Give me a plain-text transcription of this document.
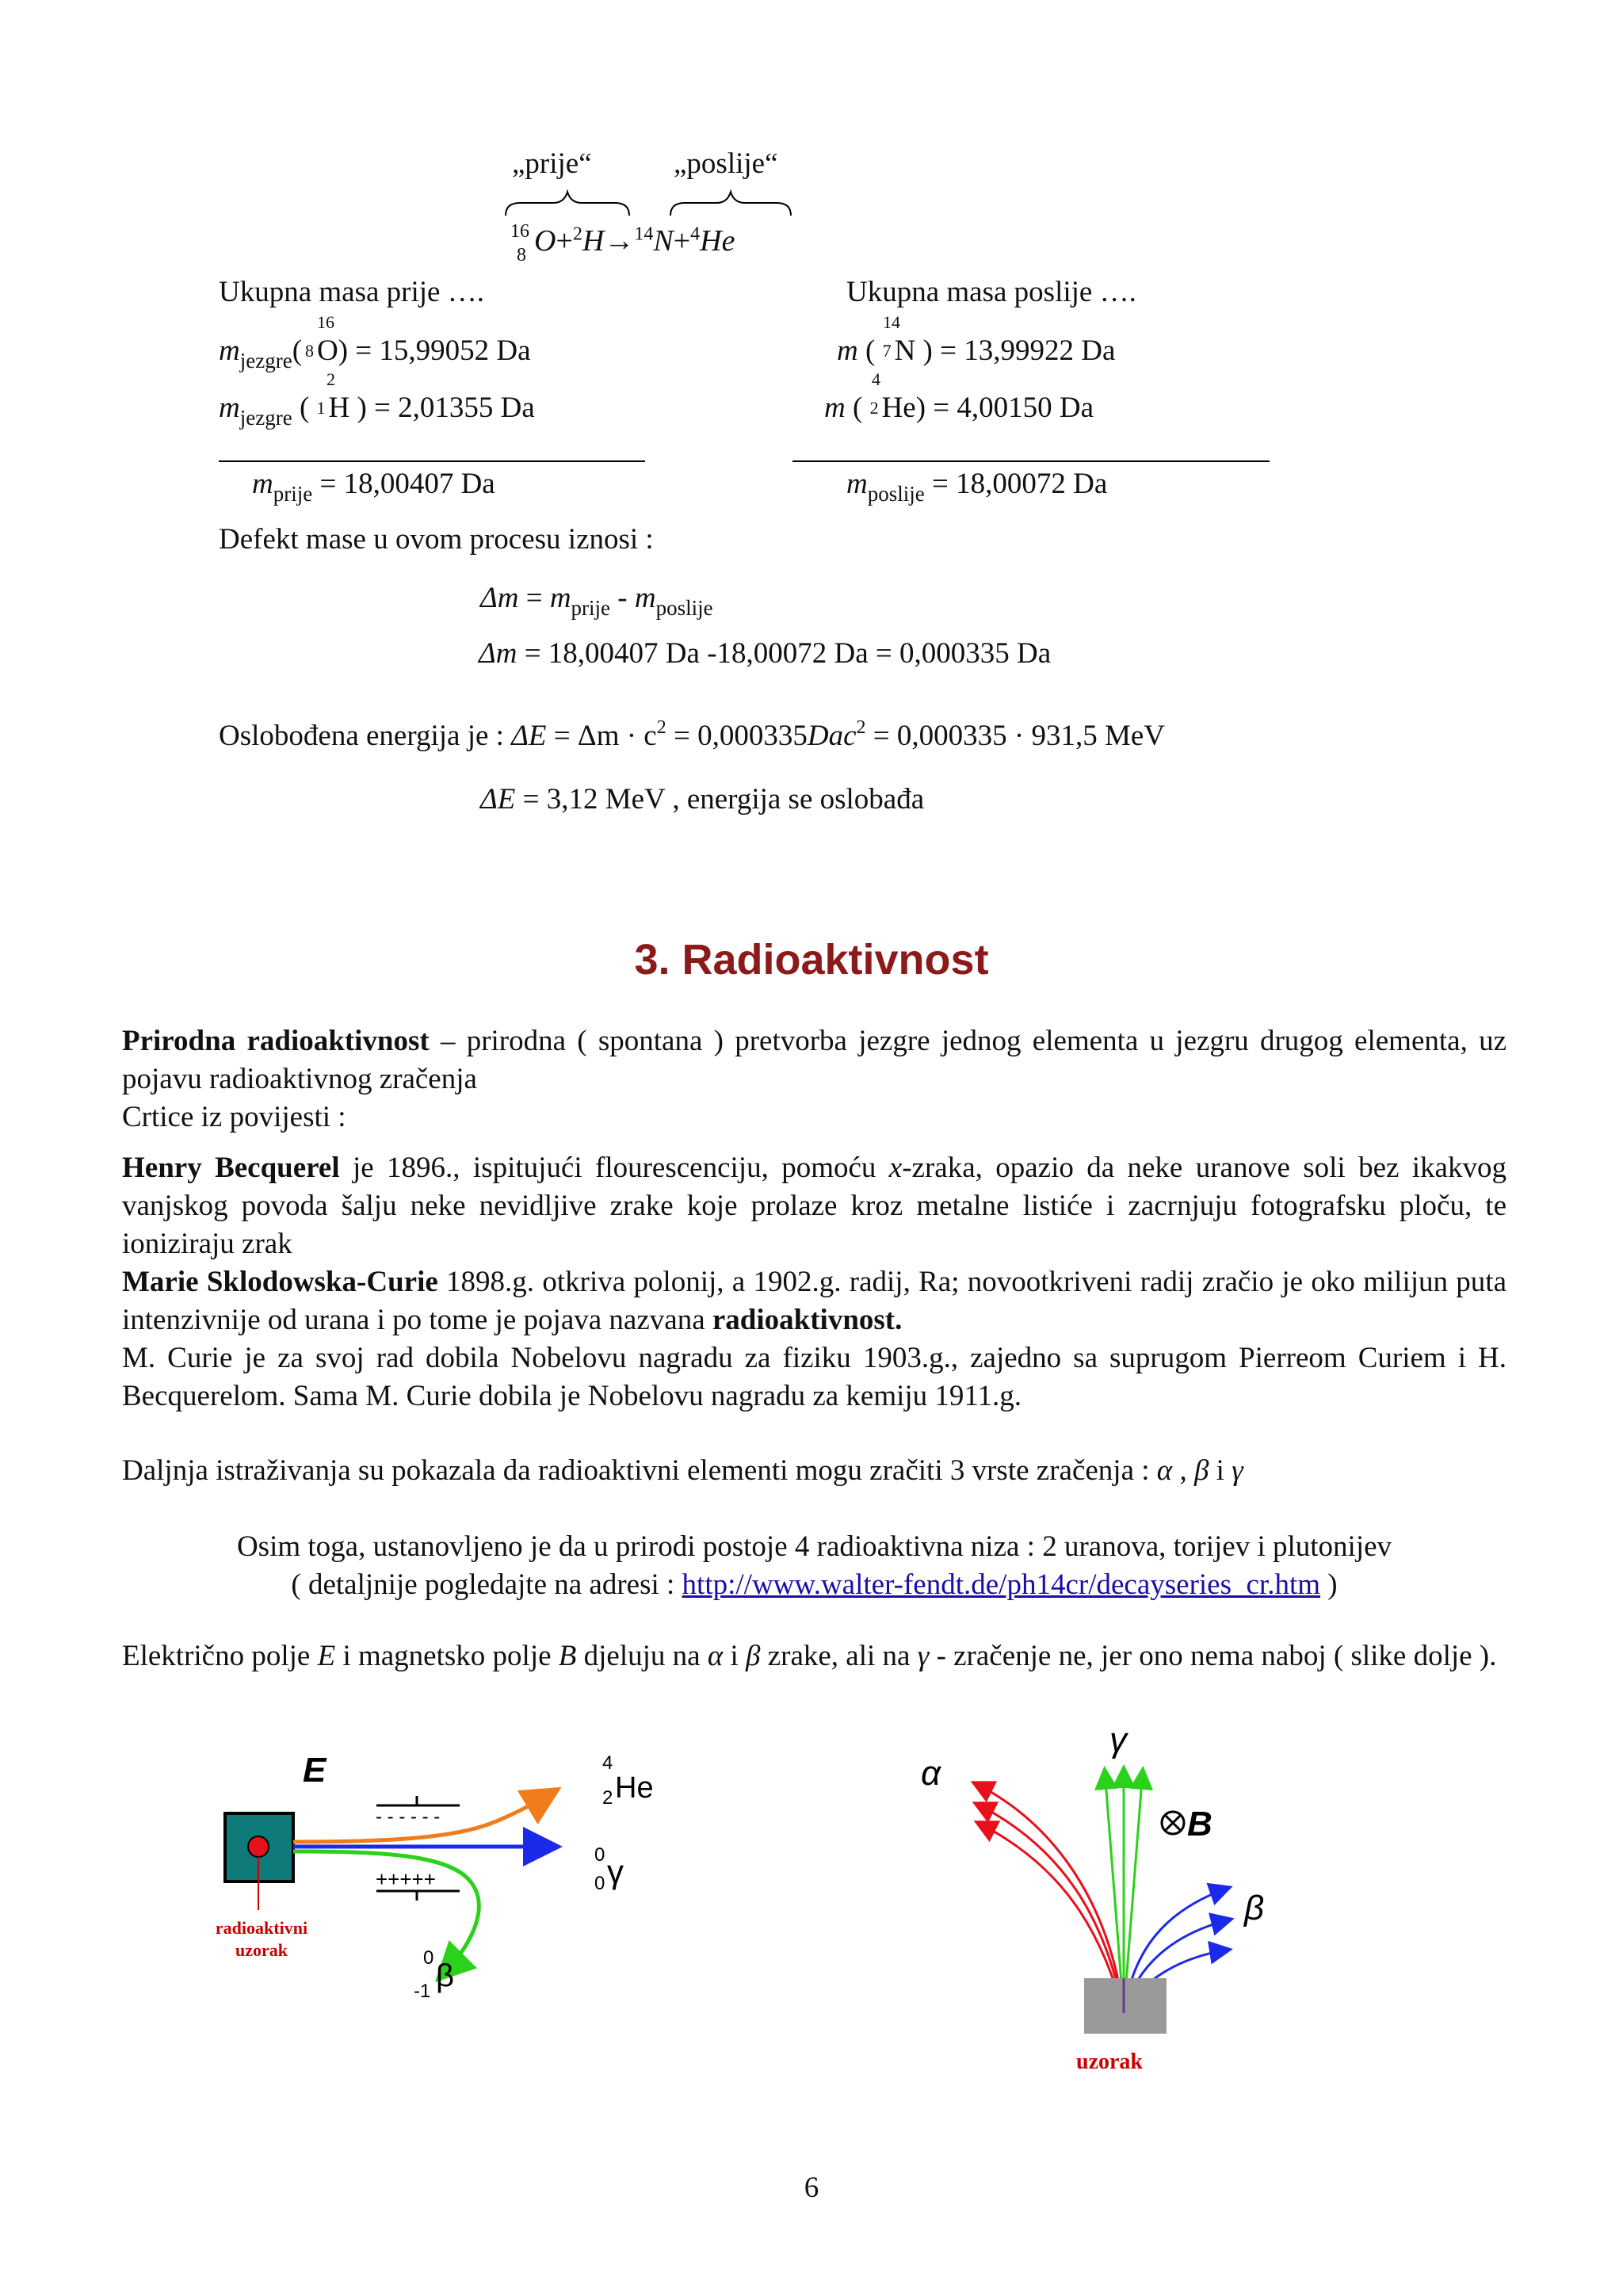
„prije“	„poslije“
16
8 O+$^2$H→$^{14}$N+$^4$He
Ukupna masa prije ….
16
$m_{jezgre}$( 8 O) = 15,99052 Da
2
$m_{jezgre}$ ( 1 H ) = 2,01355 Da
$m_{prije} = 18,00407$ Da
Ukupna masa poslije ….
14
m ( 7 N ) = 13,99922 Da
4
m ( 2 He) = 4,00150 Da
$m_{poslije} = 18,00072$ Da
Defekt mase u ovom procesu iznosi :
$\Delta m = m_{prije} - m_{poslije}$
Δm = 18,00407 Da -18,00072 Da = 0,000335 Da
Oslobođena energija je : $\Delta E = \Delta m \cdot c^2 = 0,000335Dac^2 = 0,000335 \cdot 931,5$ MeV
ΔE = 3,12 MeV , energija se oslobađa
3. Radioaktivnost

Prirodna radioaktivnost – prirodna ( spontana ) pretvorba jezgre jednog elementa u jezgru drugog elementa, uz pojavu radioaktivnog zračenja

Crtice iz povijesti :

Henry Becquerel je 1896., ispitujući flourescenciju, pomoću x-zraka, opazio da neke uranove soli bez ikakvog vanjskog povoda šalju neke nevidljive zrake koje prolaze kroz metalne listiće i zacrnjuju fotografsku ploču, te ioniziraju zrak

Marie Sklodowska-Curie 1898.g. otkriva polonij, a 1902.g. radij, Ra; novootkriveni radij zračio je oko milijun puta intenzivnije od urana i po tome je pojava nazvana radioaktivnost.

M. Curie je za svoj rad dobila Nobelovu nagradu za fiziku 1903.g., zajedno sa suprugom Pierreom Curiem i H. Becquerelom. Sama M. Curie dobila je Nobelovu nagradu za kemiju 1911.g.

Daljnja istraživanja su pokazala da radioaktivni elementi mogu zračiti 3 vrste zračenja : α , β i γ

Osim toga, ustanovljeno je da u prirodi postoje 4 radioaktivna niza : 2 uranova, torijev i plutonijev
( detaljnije pogledajte na adresi : http://www.walter-fendt.de/ph14cr/decayseries_cr.htm )

Električno polje E i magnetsko polje B djeluju na α i β zrake, ali na γ - zračenje ne, jer ono nema naboj ( slike dolje ).

E
- - - - - -
+++++
4
2 He
0
0 γ
0
-1 β
radioaktivni
uzorak
α
γ
B
β
uzorak
6
